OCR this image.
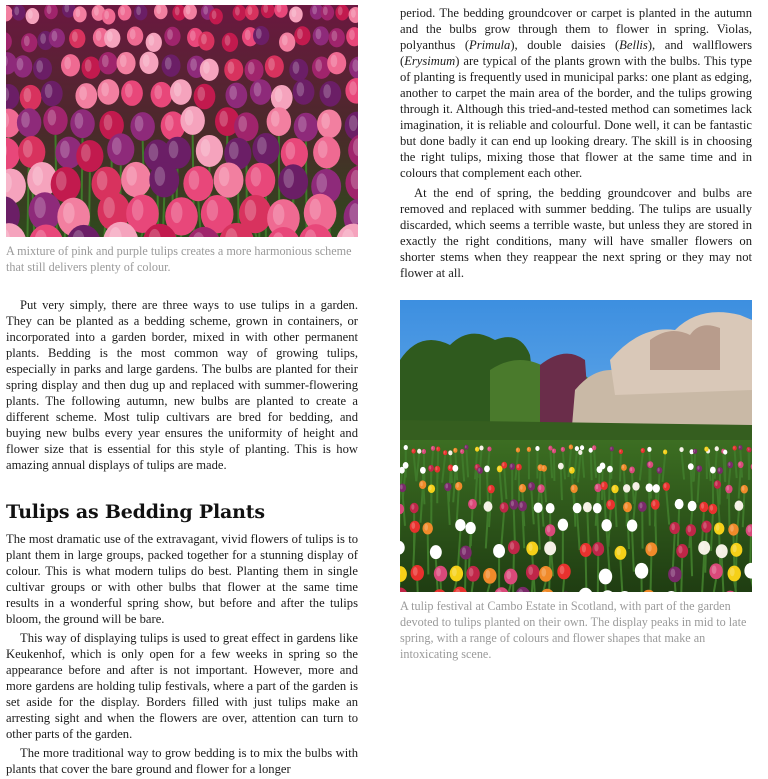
A mixture of pink and purple tulips creates a more harmonious scheme that still delivers plenty of colour.

Put very simply, there are three ways to use tulips in a garden. They can be planted as a bedding scheme, grown in containers, or incorporated into a garden border, mixed in with other permanent plants. Bedding is the most common way of growing tulips, especially in parks and large gardens. The bulbs are planted for their spring display and then dug up and replaced with summer-flowering plants. The following autumn, new bulbs are planted to create a different scheme. Most tulip cultivars are bred for bedding, and buying new bulbs every year ensures the uniformity of height and flower size that is essential for this style of planting. This is how amazing annual displays of tulips are made.

Tulips as Bedding Plants

The most dramatic use of the extravagant, vivid flowers of tulips is to plant them in large groups, packed together for a stunning display of colour. This is what modern tulips do best. Planting them in single cultivar groups or with other bulbs that flower at the same time results in a wonderful spring show, but before and after the tulips bloom, the ground will be bare.

This way of displaying tulips is used to great effect in gardens like Keukenhof, which is only open for a few weeks in spring so the appearance before and after is not important. However, more and more gardens are holding tulip festivals, where a part of the garden is set aside for the display. Borders filled with just tulips make an arresting sight and when the flowers are over, attention can turn to other parts of the garden.

The more traditional way to grow bedding is to mix the bulbs with plants that cover the bare ground and flower for a longer

period. The bedding groundcover or carpet is planted in the autumn and the bulbs grow through them to flower in spring. Violas, polyanthus (Primula), double daisies (Bellis), and wallflowers (Erysimum) are typical of the plants grown with the bulbs. This type of planting is frequently used in municipal parks: one plant as edging, another to carpet the main area of the border, and the tulips growing through it. Although this tried-and-tested method can sometimes lack imagination, it is reliable and colourful. Done well, it can be fantastic but done badly it can end up looking dreary. The skill is in choosing the right tulips, mixing those that flower at the same time and in colours that complement each other.

At the end of spring, the bedding groundcover and bulbs are removed and replaced with summer bedding. The tulips are usually discarded, which seems a terrible waste, but unless they are stored in exactly the right conditions, many will have smaller flowers on shorter stems when they reappear the next spring or they may not flower at all.

A tulip festival at Cambo Estate in Scotland, with part of the garden devoted to tulips planted on their own. The display peaks in mid to late spring, with a range of colours and flower shapes that make an intoxicating scene.
